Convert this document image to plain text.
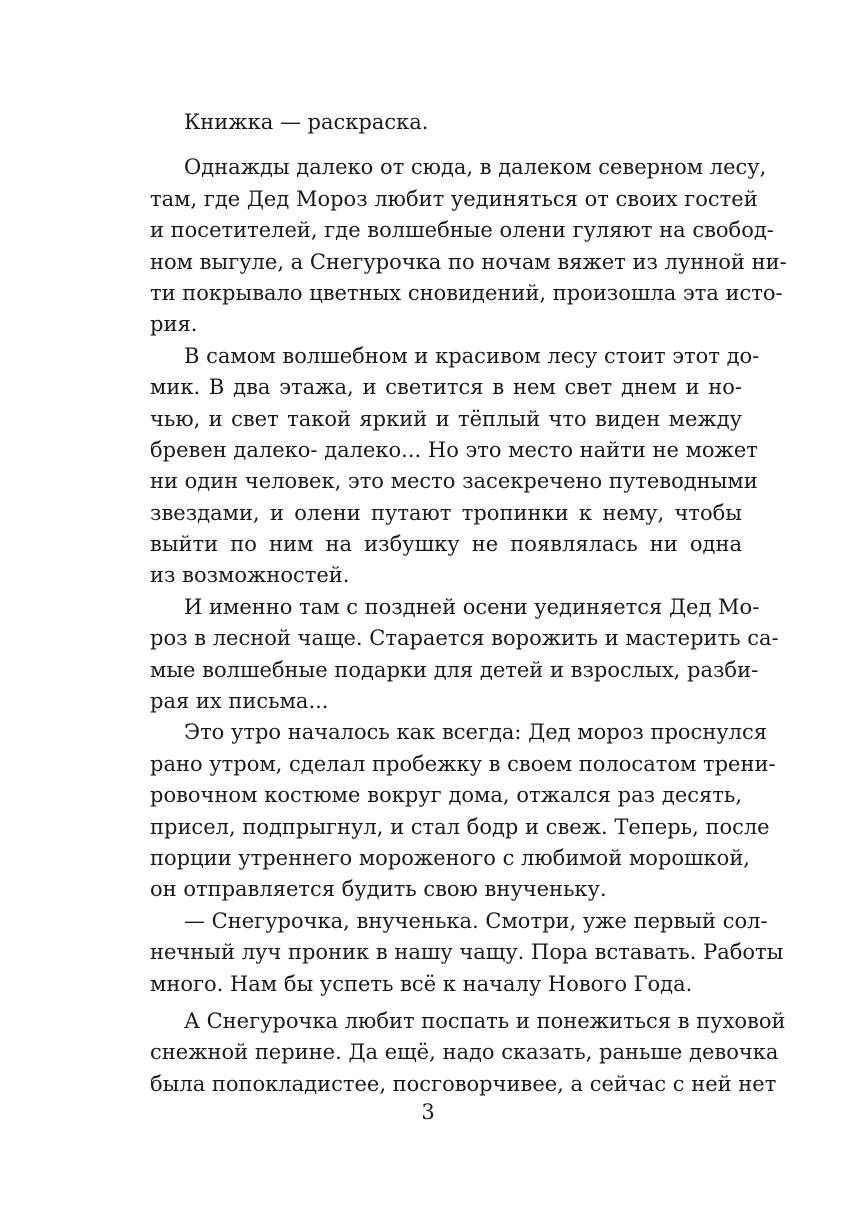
Книжка — раскраска.
Однажды далеко от сюда, в далеком северном лесу,
там, где Дед Мороз любит уединяться от своих гостей
и посетителей, где волшебные олени гуляют на свобод-
ном выгуле, а Снегурочка по ночам вяжет из лунной ни-
ти покрывало цветных сновидений, произошла эта исто-
рия.
В самом волшебном и красивом лесу стоит этот до-
мик. В два этажа, и светится в нем свет днем и но-
чью, и свет такой яркий и тёплый что виден между
бревен далеко- далеко... Но это место найти не может
ни один человек, это место засекречено путеводными
звездами, и олени путают тропинки к нему, чтобы
выйти по ним на избушку не появлялась ни одна
из возможностей.
И именно там с поздней осени уединяется Дед Мо-
роз в лесной чаще. Старается ворожить и мастерить са-
мые волшебные подарки для детей и взрослых, разби-
рая их письма...
Это утро началось как всегда: Дед мороз проснулся
рано утром, сделал пробежку в своем полосатом трени-
ровочном костюме вокруг дома, отжался раз десять,
присел, подпрыгнул, и стал бодр и свеж. Теперь, после
порции утреннего мороженого с любимой морошкой,
он отправляется будить свою внученьку.
— Снегурочка, внученька. Смотри, уже первый сол-
нечный луч проник в нашу чащу. Пора вставать. Работы
много. Нам бы успеть всё к началу Нового Года.
А Снегурочка любит поспать и понежиться в пуховой
снежной перине. Да ещё, надо сказать, раньше девочка
была попокладистее, посговорчивее, а сейчас с ней нет
3
